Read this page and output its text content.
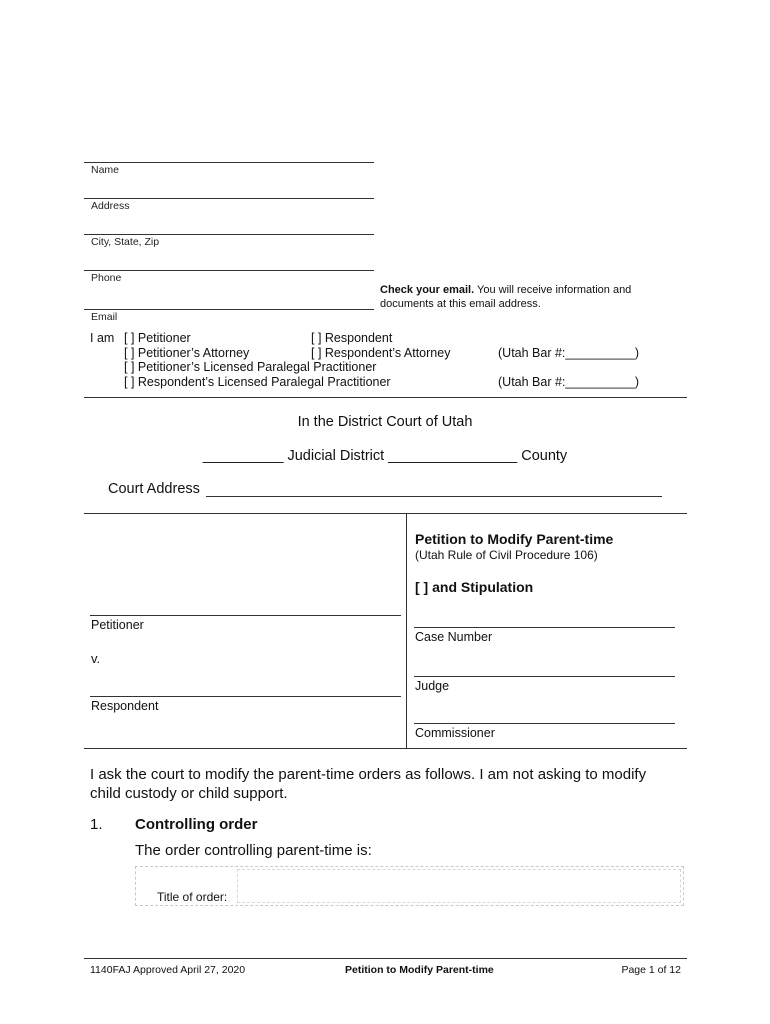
Name
Address
City, State, Zip
Phone
Email
Check your email. You will receive information and
documents at this email address.
I am [ ] Petitioner	[ ] Respondent
[ ] Petitioner’s Attorney	[ ] Respondent’s Attorney	(Utah Bar #:__________)
[ ] Petitioner’s Licensed Paralegal Practitioner
[ ] Respondent’s Licensed Paralegal Practitioner	(Utah Bar #:__________)
In the District Court of Utah
__________ Judicial District ________________ County
Court Address
Petition to Modify Parent-time
(Utah Rule of Civil Procedure 106)
[ ] and Stipulation
Petitioner
v.
Respondent
Case Number
Judge
Commissioner
I ask the court to modify the parent-time orders as follows. I am not asking to modify
child custody or child support.
1. Controlling order
The order controlling parent-time is:
Title of order:
1140FAJ Approved April 27, 2020	Petition to Modify Parent-time	Page 1 of 12
